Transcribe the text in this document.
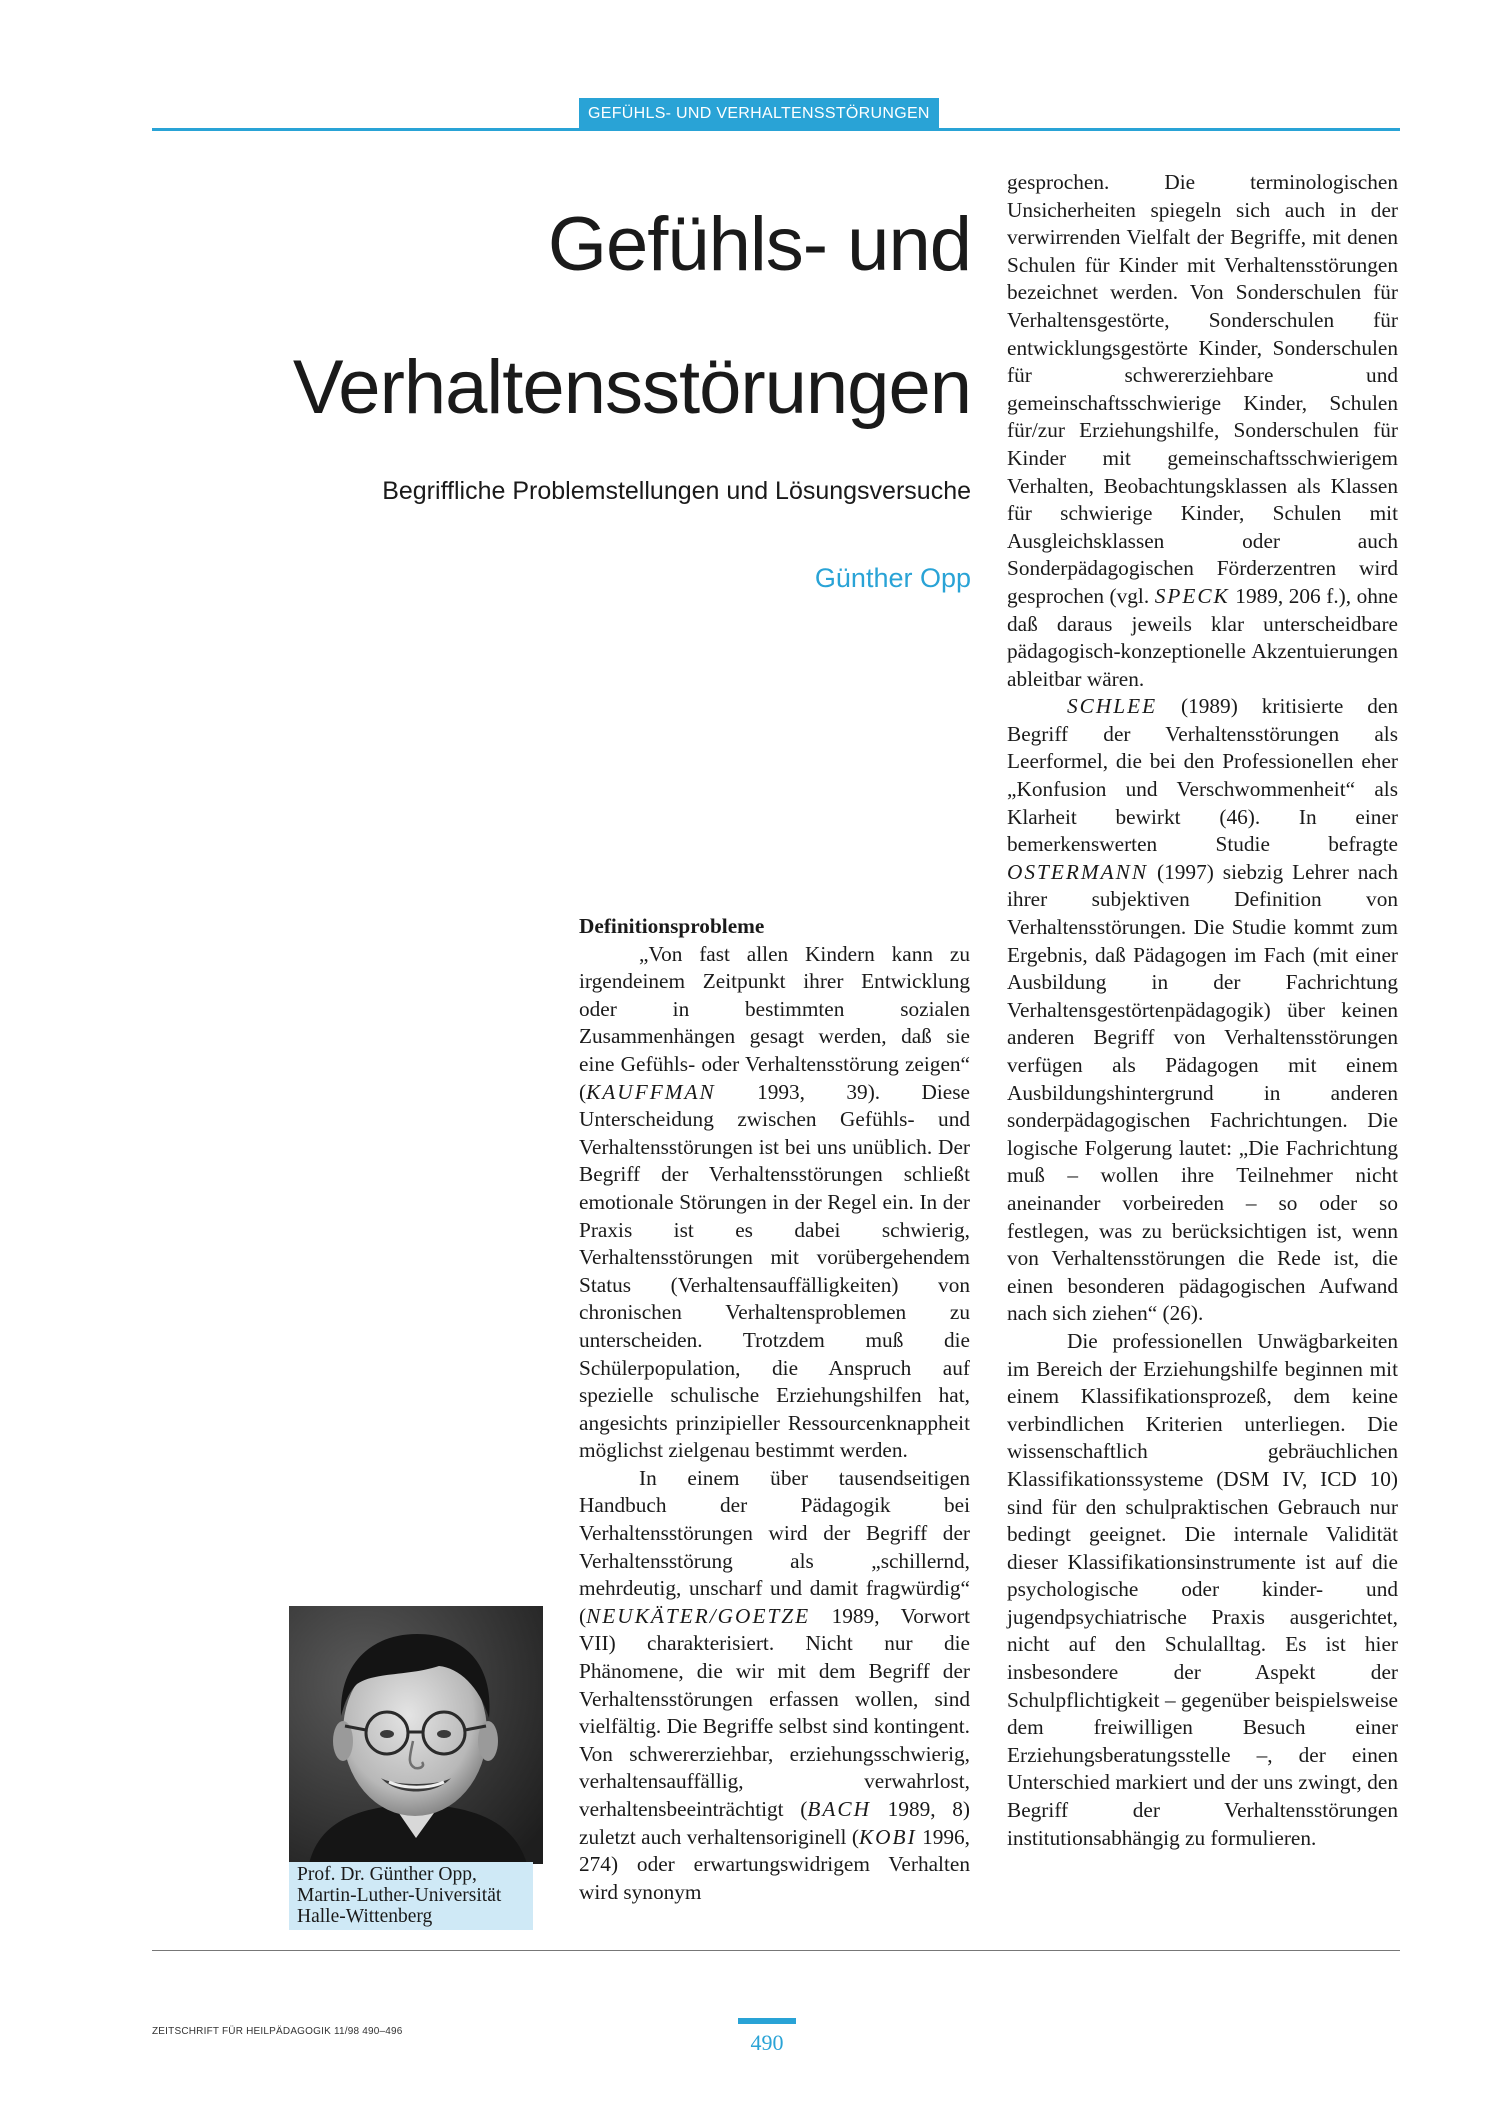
GEFÜHLS- UND VERHALTENSSTÖRUNGEN
Gefühls- und
Verhaltensstörungen
Begriffliche Problemstellungen und Lösungsversuche
Günther Opp

Definitionsprobleme

„Von fast allen Kindern kann zu irgendeinem Zeitpunkt ihrer Entwicklung oder in bestimmten sozialen Zusammenhängen gesagt werden, daß sie eine Gefühls- oder Verhaltensstörung zeigen“ (KAUFFMAN 1993, 39). Diese Unterscheidung zwischen Gefühls- und Verhaltensstörungen ist bei uns unüblich. Der Begriff der Verhaltensstörungen schließt emotionale Störungen in der Regel ein. In der Praxis ist es dabei schwierig, Verhaltensstörungen mit vorübergehendem Status (Verhaltensauffälligkeiten) von chronischen Verhaltensproblemen zu unterscheiden. Trotzdem muß die Schülerpopulation, die Anspruch auf spezielle schulische Erziehungshilfen hat, angesichts prinzipieller Ressourcenknappheit möglichst zielgenau bestimmt werden.

In einem über tausendseitigen Handbuch der Pädagogik bei Verhaltensstörungen wird der Begriff der Verhaltensstörung als „schillernd, mehrdeutig, unscharf und damit fragwürdig“ (NEUKÄTER/GOETZE 1989, Vorwort VII) charakterisiert. Nicht nur die Phänomene, die wir mit dem Begriff der Verhaltensstörungen erfassen wollen, sind vielfältig. Die Begriffe selbst sind kontingent. Von schwererziehbar, erziehungsschwierig, verhaltensauffällig, verwahrlost, verhaltensbeeinträchtigt (BACH 1989, 8) zuletzt auch verhaltensoriginell (KOBI 1996, 274) oder erwartungswidrigem Verhalten wird synonym

gesprochen. Die terminologischen Unsicherheiten spiegeln sich auch in der verwirrenden Vielfalt der Begriffe, mit denen Schulen für Kinder mit Verhaltensstörungen bezeichnet werden. Von Sonderschulen für Verhaltensgestörte, Sonderschulen für entwicklungsgestörte Kinder, Sonderschulen für schwererziehbare und gemeinschaftsschwierige Kinder, Schulen für/zur Erziehungshilfe, Sonderschulen für Kinder mit gemeinschaftsschwierigem Verhalten, Beobachtungsklassen als Klassen für schwierige Kinder, Schulen mit Ausgleichsklassen oder auch Sonderpädagogischen Förderzentren wird gesprochen (vgl. SPECK 1989, 206 f.), ohne daß daraus jeweils klar unterscheidbare pädagogisch-konzeptionelle Akzentuierungen ableitbar wären.

SCHLEE (1989) kritisierte den Begriff der Verhaltensstörungen als Leerformel, die bei den Professionellen eher „Konfusion und Verschwommenheit“ als Klarheit bewirkt (46). In einer bemerkenswerten Studie befragte OSTERMANN (1997) siebzig Lehrer nach ihrer subjektiven Definition von Verhaltensstörungen. Die Studie kommt zum Ergebnis, daß Pädagogen im Fach (mit einer Ausbildung in der Fachrichtung Verhaltensgestörtenpädagogik) über keinen anderen Begriff von Verhaltensstörungen verfügen als Pädagogen mit einem Ausbildungshintergrund in anderen sonderpädagogischen Fachrichtungen. Die logische Folgerung lautet: „Die Fachrichtung muß – wollen ihre Teilnehmer nicht aneinander vorbeireden – so oder so festlegen, was zu berücksichtigen ist, wenn von Verhaltensstörungen die Rede ist, die einen besonderen pädagogischen Aufwand nach sich ziehen“ (26).

Die professionellen Unwägbarkeiten im Bereich der Erziehungshilfe beginnen mit einem Klassifikationsprozeß, dem keine verbindlichen Kriterien unterliegen. Die wissenschaftlich gebräuchlichen Klassifikationssysteme (DSM IV, ICD 10) sind für den schulpraktischen Gebrauch nur bedingt geeignet. Die internale Validität dieser Klassifikationsinstrumente ist auf die psychologische oder kinder- und jugendpsychiatrische Praxis ausgerichtet, nicht auf den Schulalltag. Es ist hier insbesondere der Aspekt der Schulpflichtigkeit – gegenüber beispielsweise dem freiwilligen Besuch einer Erziehungsberatungsstelle –, der einen Unterschied markiert und der uns zwingt, den Begriff der Verhaltensstörungen institutionsabhängig zu formulieren.

Prof. Dr. Günther Opp,
Martin-Luther-Universität
Halle-Wittenberg
ZEITSCHRIFT FÜR HEILPÄDAGOGIK 11/98 490–496	490
